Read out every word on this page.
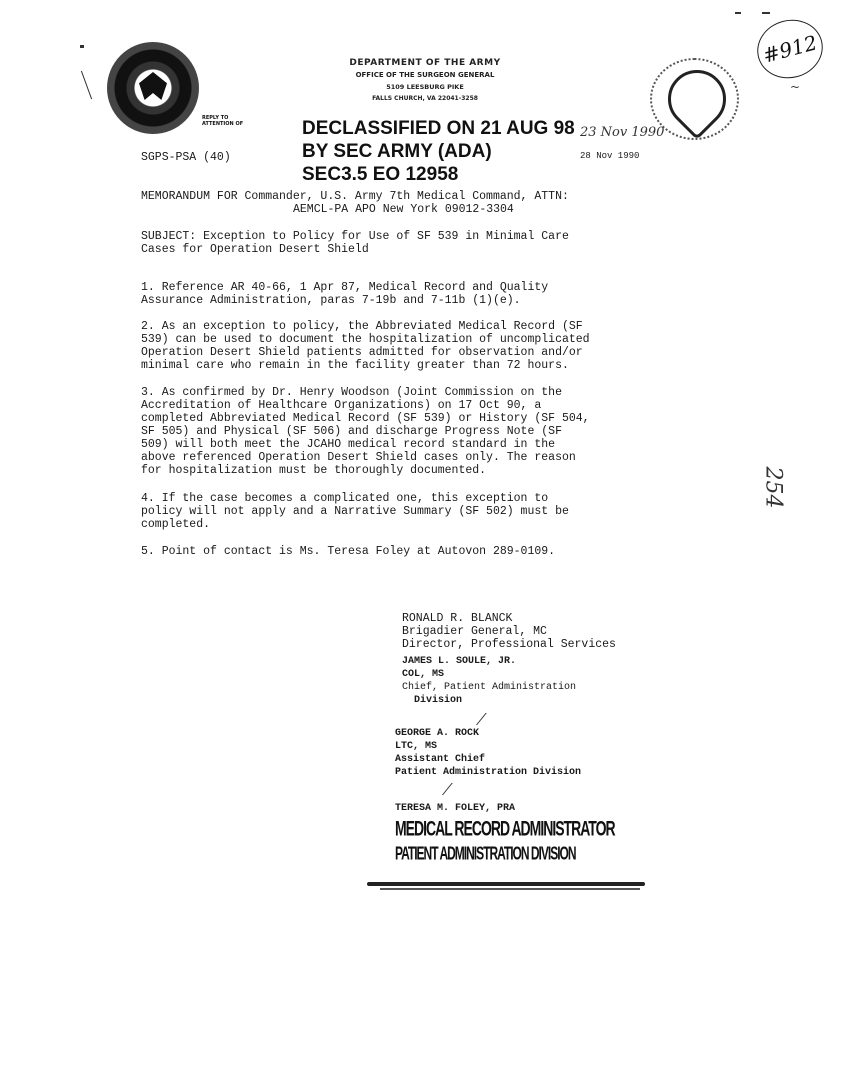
DEPARTMENT OF THE ARMY
OFFICE OF THE SURGEON GENERAL
5109 LEESBURG PIKE
FALLS CHURCH, VA 22041-3258
REPLY TO ATTENTION OF
#912
~
DECLASSIFIED ON 21 AUG 98
BY SEC ARMY (ADA)
SEC3.5 EO 12958
23 Nov 1990
28 Nov 1990
SGPS-PSA (40)
MEMORANDUM FOR Commander, U.S. Army 7th Medical Command, ATTN:
AEMCL-PA APO New York 09012-3304
SUBJECT: Exception to Policy for Use of SF 539 in Minimal Care
Cases for Operation Desert Shield
1. Reference AR 40-66, 1 Apr 87, Medical Record and Quality
Assurance Administration, paras 7-19b and 7-11b (1)(e).
2. As an exception to policy, the Abbreviated Medical Record (SF
539) can be used to document the hospitalization of uncomplicated
Operation Desert Shield patients admitted for observation and/or
minimal care who remain in the facility greater than 72 hours.
3. As confirmed by Dr. Henry Woodson (Joint Commission on the
Accreditation of Healthcare Organizations) on 17 Oct 90, a
completed Abbreviated Medical Record (SF 539) or History (SF 504,
SF 505) and Physical (SF 506) and discharge Progress Note (SF
509) will both meet the JCAHO medical record standard in the
above referenced Operation Desert Shield cases only. The reason
for hospitalization must be thoroughly documented.
4. If the case becomes a complicated one, this exception to
policy will not apply and a Narrative Summary (SF 502) must be
completed.
5. Point of contact is Ms. Teresa Foley at Autovon 289-0109.
254
RONALD R. BLANCK
Brigadier General, MC
Director, Professional Services
JAMES L. SOULE, JR.
COL, MS
Chief, Patient Administration
Division
⁄
GEORGE A. ROCK
LTC, MS
Assistant Chief
Patient Administration Division
⁄
TERESA M. FOLEY, PRA
MEDICAL RECORD ADMINISTRATOR
PATIENT ADMINISTRATION DIVISION
